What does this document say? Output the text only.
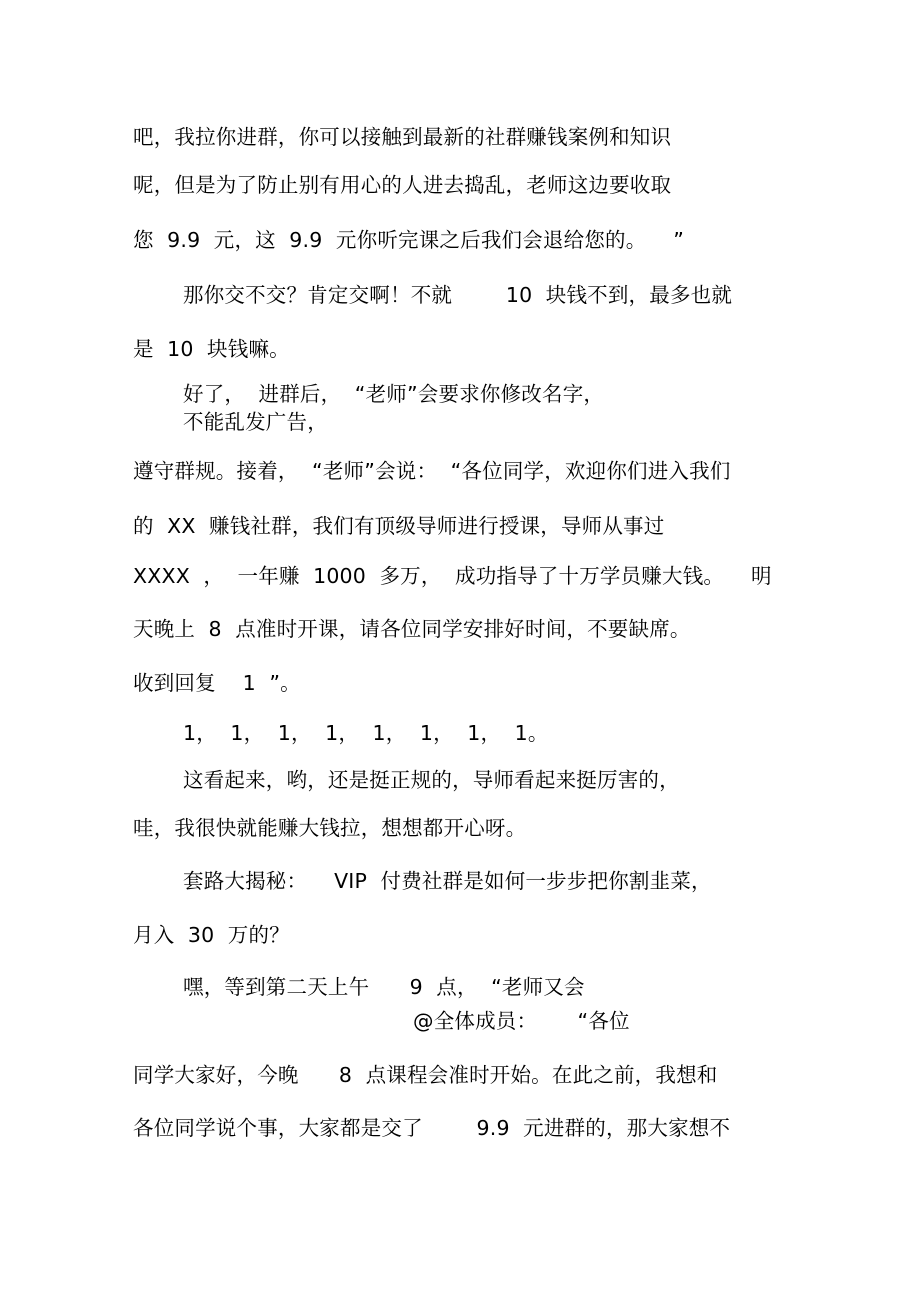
吧，我拉你进群，你可以接触到最新的社群赚钱案例和知识
呢，但是为了防止别有用心的人进去捣乱，老师这边要收取
您  9.9  元，这  9.9  元你听完课之后我们会退给您的。    ”
那你交不交？肯定交啊！不就        10  块钱不到，最多也就
是  10  块钱嘛。
好了，  进群后，  “老师”会要求你修改名字，
不能乱发广告，
遵守群规。接着，  “老师”会说：  “各位同学，欢迎你们进入我们
的  XX  赚钱社群，我们有顶级导师进行授课，导师从事过
XXXX  ，  一年赚  1000  多万，  成功指导了十万学员赚大钱。    明
天晚上  8  点准时开课，请各位同学安排好时间，不要缺席。
收到回复    1  ”。
1，  1，  1，  1，  1，  1，  1，  1。
这看起来，哟，还是挺正规的，导师看起来挺厉害的，
哇，我很快就能赚大钱拉，想想都开心呀。
套路大揭秘：    VIP  付费社群是如何一步步把你割韭菜，
月入  30  万的？
嘿，等到第二天上午      9  点，  “老师又会
@全体成员：      “各位
同学大家好，今晚      8  点课程会准时开始。在此之前，我想和
各位同学说个事，大家都是交了        9.9  元进群的，那大家想不
